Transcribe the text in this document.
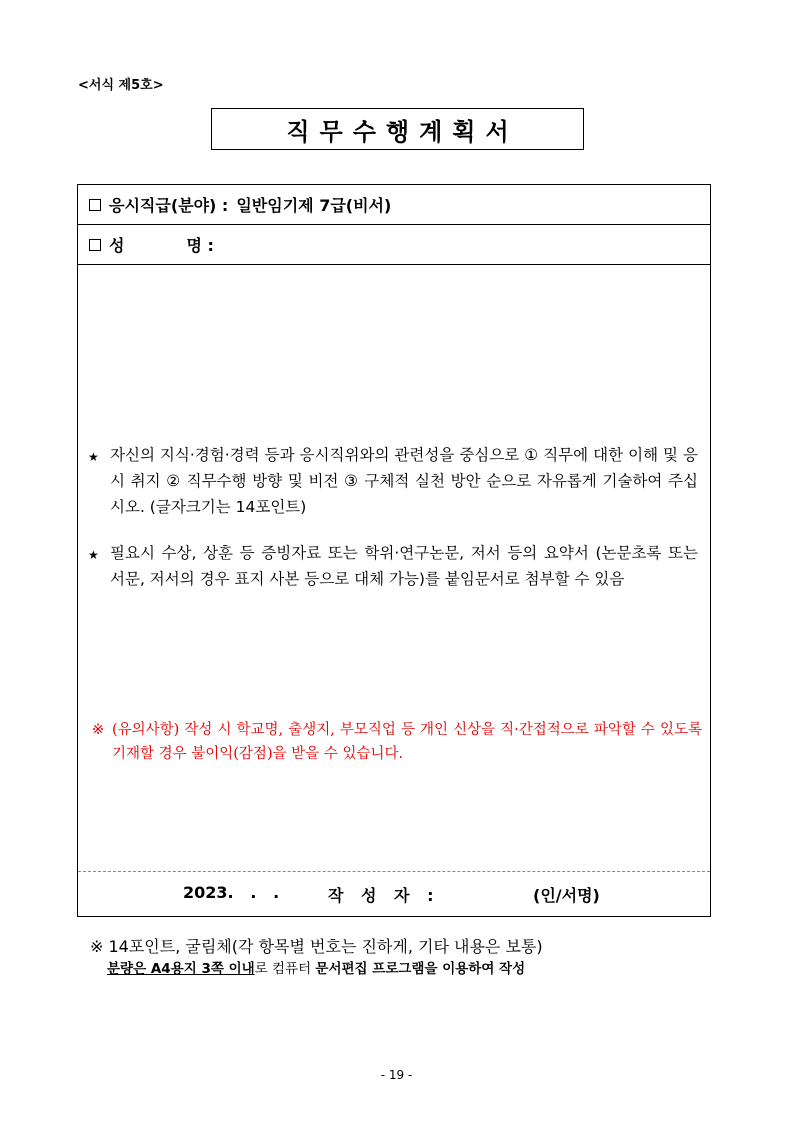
<서식 제5호>
직무수행계획서
응시직급(분야) : 일반임기제 7급(비서)
성	명 :
★ 자신의 지식·경험·경력 등과 응시직위와의 관련성을 중심으로 ① 직무에 대한 이해 및 응시 취지 ② 직무수행 방향 및 비전 ③ 구체적 실천 방안 순으로 자유롭게 기술하여 주십시오. (글자크기는 14포인트)
★ 필요시 수상, 상훈 등 증빙자료 또는 학위·연구논문, 저서 등의 요약서 (논문초록 또는 서문, 저서의 경우 표지 사본 등으로 대체 가능)를 붙임문서로 첨부할 수 있음
※ (유의사항) 작성 시 학교명, 출생지, 부모직업 등 개인 신상을 직·간접적으로 파악할 수 있도록 기재할 경우 불이익(감점)을 받을 수 있습니다.
2023.   .   .	작 성 자 :	(인/서명)
※ 14포인트, 굴림체(각 항목별 번호는 진하게, 기타 내용은 보통)
분량은 A4용지 3쪽 이내로 컴퓨터 문서편집 프로그램을 이용하여 작성
- 19 -
